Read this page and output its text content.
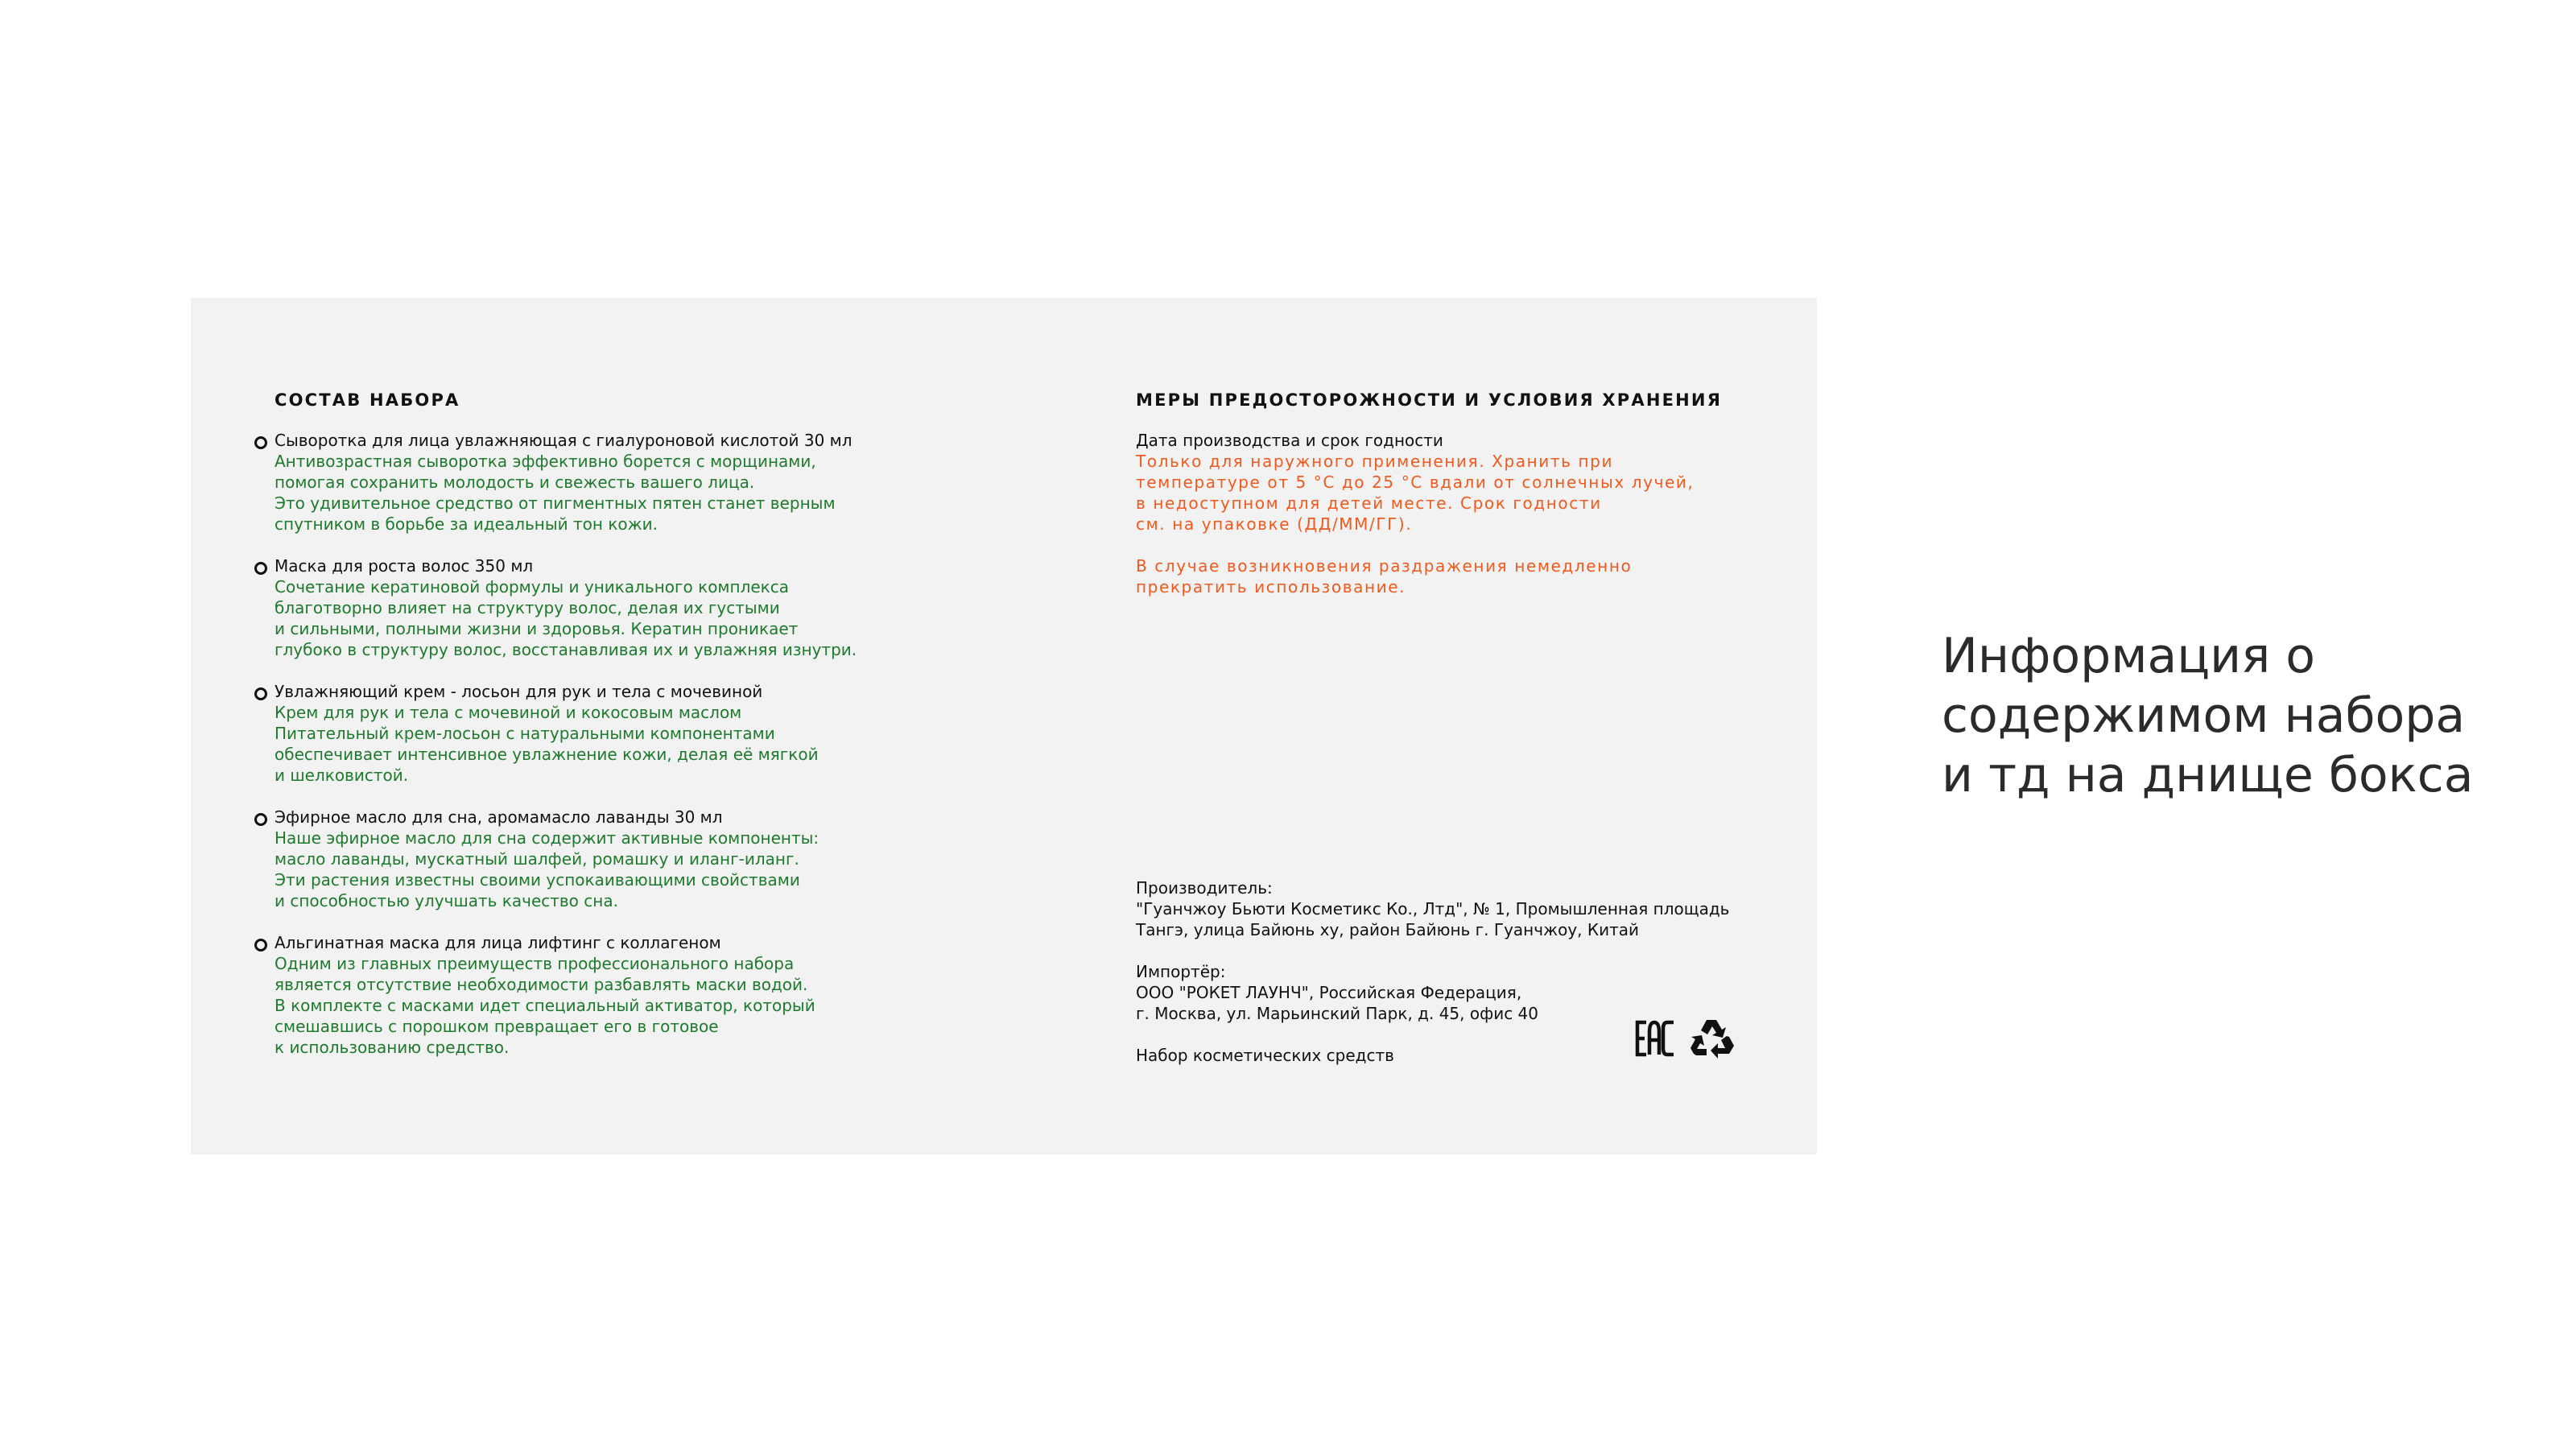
СОСТАВ НАБОРА
Сыворотка для лица увлажняющая с гиалуроновой кислотой 30 мл
Антивозрастная сыворотка эффективно борется с морщинами,
помогая сохранить молодость и свежесть вашего лица.
Это удивительное средство от пигментных пятен станет верным
спутником в борьбе за идеальный тон кожи.
Маска для роста волос 350 мл
Сочетание кератиновой формулы и уникального комплекса
благотворно влияет на структуру волос, делая их густыми
и сильными, полными жизни и здоровья. Кератин проникает
глубоко в структуру волос, восстанавливая их и увлажняя изнутри.
Увлажняющий крем - лосьон для рук и тела с мочевиной
Крем для рук и тела с мочевиной и кокосовым маслом
Питательный крем-лосьон с натуральными компонентами
обеспечивает интенсивное увлажнение кожи, делая её мягкой
и шелковистой.
Эфирное масло для сна, аромамасло лаванды 30 мл
Наше эфирное масло для сна содержит активные компоненты:
масло лаванды, мускатный шалфей, ромашку и иланг-иланг.
Эти растения известны своими успокаивающими свойствами
и способностью улучшать качество сна.
Альгинатная маска для лица лифтинг с коллагеном
Одним из главных преимуществ профессионального набора
является отсутствие необходимости разбавлять маски водой.
В комплекте с масками идет специальный активатор, который
смешавшись с порошком превращает его в готовое
к использованию средство.
МЕРЫ ПРЕДОСТОРОЖНОСТИ И УСЛОВИЯ ХРАНЕНИЯ
Дата производства и срок годности
Только для наружного применения. Хранить при
температуре от 5 °С до 25 °С вдали от солнечных лучей,
в недоступном для детей месте. Срок годности
см. на упаковке (ДД/ММ/ГГ).
В случае возникновения раздражения немедленно
прекратить использование.
Производитель:
"Гуанчжоу Бьюти Косметикс Ко., Лтд", № 1, Промышленная площадь
Тангэ, улица Байюнь ху, район Байюнь г. Гуанчжоу, Китай
Импортёр:
ООО "РОКЕТ ЛАУНЧ", Российская Федерация,
г. Москва, ул. Марьинский Парк, д. 45, офис 40
Набор косметических средств
Информация о
содержимом набора
и тд на днище бокса
